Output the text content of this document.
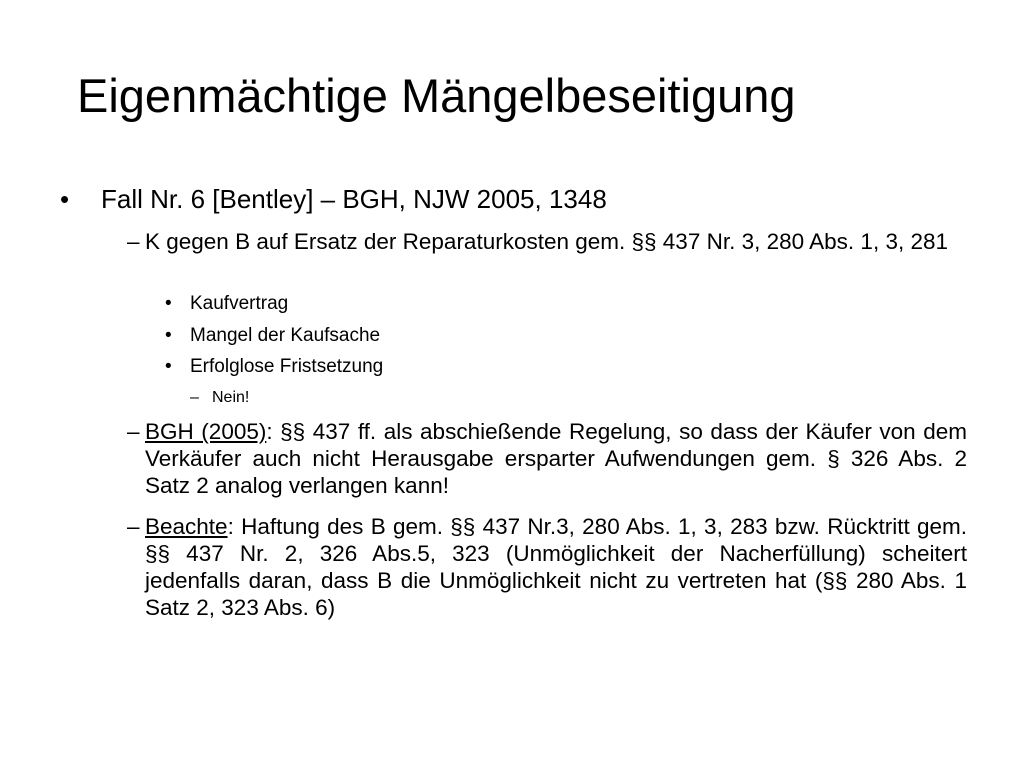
Eigenmächtige Mängelbeseitigung
• Fall Nr. 6 [Bentley] – BGH, NJW 2005, 1348

– K gegen B auf Ersatz der Reparaturkosten gem. §§ 437 Nr. 3, 280 Abs. 1, 3, 281

• Kaufvertrag

• Mangel der Kaufsache

• Erfolglose Fristsetzung

– Nein!

– BGH (2005): §§ 437 ff. als abschießende Regelung, so dass der Käufer von dem Verkäufer auch nicht Herausgabe ersparter Aufwendungen gem. § 326 Abs. 2 Satz 2 analog verlangen kann!

– Beachte: Haftung des B gem. §§ 437 Nr.3, 280 Abs. 1, 3, 283 bzw. Rücktritt gem. §§ 437 Nr. 2, 326 Abs.5, 323 (Unmöglichkeit der Nacherfüllung) scheitert jedenfalls daran, dass B die Unmöglichkeit nicht zu vertreten hat (§§ 280 Abs. 1 Satz 2, 323 Abs. 6)
